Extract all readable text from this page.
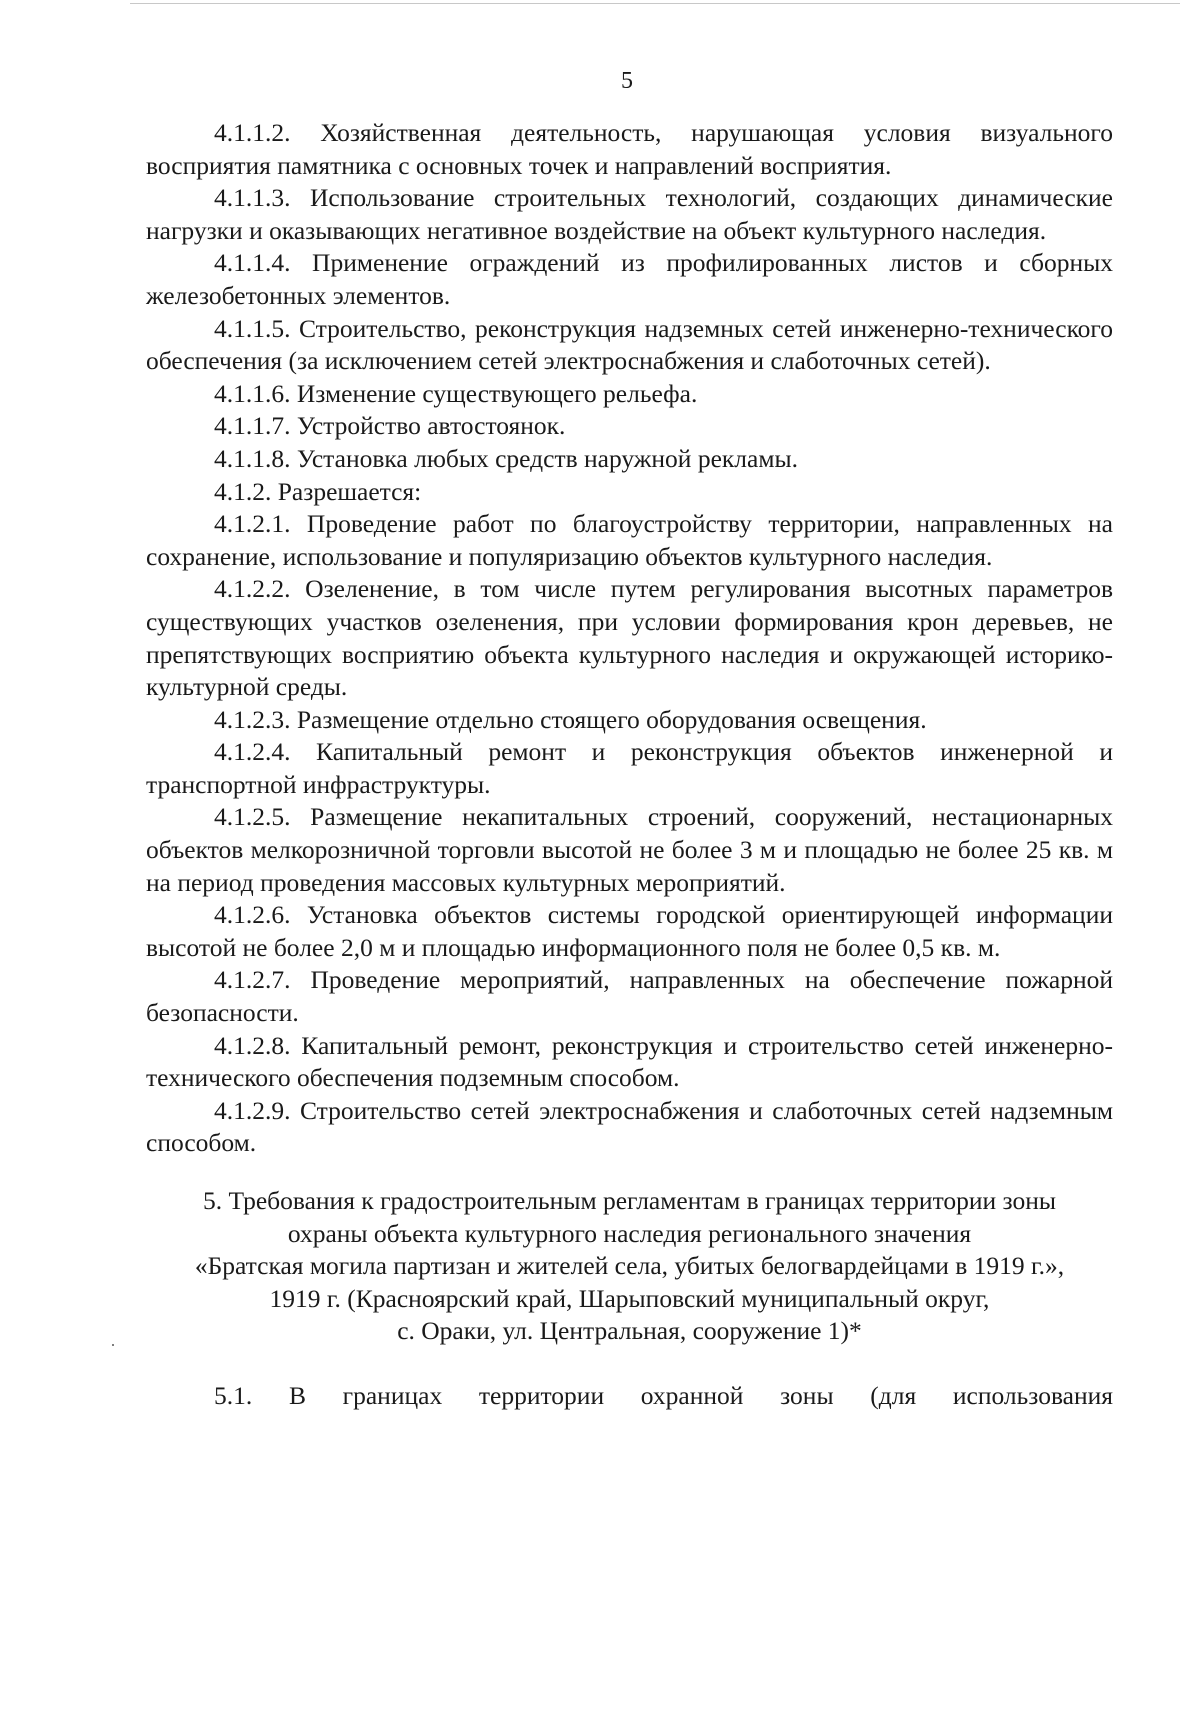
5

4.1.1.2. Хозяйственная деятельность, нарушающая условия визуального восприятия памятника с основных точек и направлений восприятия.

4.1.1.3. Использование строительных технологий, создающих динамические нагрузки и оказывающих негативное воздействие на объект культурного наследия.

4.1.1.4. Применение ограждений из профилированных листов и сборных железобетонных элементов.

4.1.1.5. Строительство, реконструкция надземных сетей инженерно-технического обеспечения (за исключением сетей электроснабжения и слаботочных сетей).

4.1.1.6. Изменение существующего рельефа.

4.1.1.7. Устройство автостоянок.

4.1.1.8. Установка любых средств наружной рекламы.

4.1.2. Разрешается:

4.1.2.1. Проведение работ по благоустройству территории, направленных на сохранение, использование и популяризацию объектов культурного наследия.

4.1.2.2. Озеленение, в том числе путем регулирования высотных параметров существующих участков озеленения, при условии формирования крон деревьев, не препятствующих восприятию объекта культурного наследия и окружающей историко-культурной среды.

4.1.2.3. Размещение отдельно стоящего оборудования освещения.

4.1.2.4. Капитальный ремонт и реконструкция объектов инженерной и транспортной инфраструктуры.

4.1.2.5. Размещение некапитальных строений, сооружений, нестационарных объектов мелкорозничной торговли высотой не более 3 м и площадью не более 25 кв. м на период проведения массовых культурных мероприятий.

4.1.2.6. Установка объектов системы городской ориентирующей информации высотой не более 2,0 м и площадью информационного поля не более 0,5 кв. м.

4.1.2.7. Проведение мероприятий, направленных на обеспечение пожарной безопасности.

4.1.2.8. Капитальный ремонт, реконструкция и строительство сетей инженерно-технического обеспечения подземным способом.

4.1.2.9. Строительство сетей электроснабжения и слаботочных сетей надземным способом.

5. Требования к градостроительным регламентам в границах территории зоны

охраны объекта культурного наследия регионального значения

«Братская могила партизан и жителей села, убитых белогвардейцами в 1919 г.»,

1919 г. (Красноярский край, Шарыповский муниципальный округ,

с. Ораки, ул. Центральная, сооружение 1)*

5.1. В границах территории охранной зоны (для использования
